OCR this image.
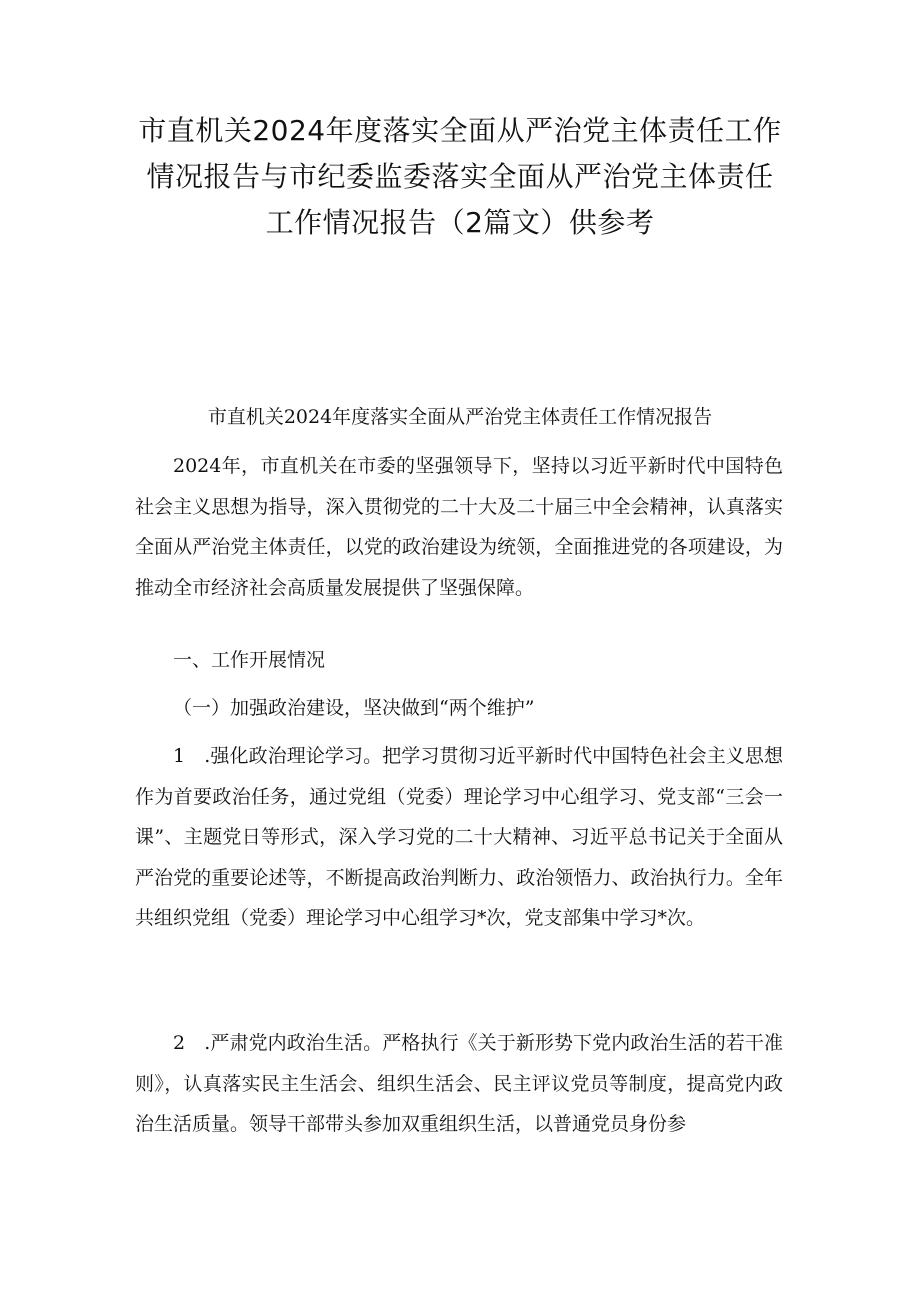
市直机关2024年度落实全面从严治党主体责任工作
情况报告与市纪委监委落实全面从严治党主体责任
工作情况报告（2篇文）供参考
市直机关2024年度落实全面从严治党主体责任工作情况报告

2024年，市直机关在市委的坚强领导下，坚持以习近平新时代中国特色社会主义思想为指导，深入贯彻党的二十大及二十届三中全会精神，认真落实全面从严治党主体责任，以党的政治建设为统领，全面推进党的各项建设，为推动全市经济社会高质量发展提供了坚强保障。

一、工作开展情况

（一）加强政治建设，坚决做到“两个维护”

1　.强化政治理论学习。把学习贯彻习近平新时代中国特色社会主义思想作为首要政治任务，通过党组（党委）理论学习中心组学习、党支部“三会一课”、主题党日等形式，深入学习党的二十大精神、习近平总书记关于全面从严治党的重要论述等，不断提高政治判断力、政治领悟力、政治执行力。全年共组织党组（党委）理论学习中心组学习*次，党支部集中学习*次。

2　.严肃党内政治生活。严格执行《关于新形势下党内政治生活的若干准则》，认真落实民主生活会、组织生活会、民主评议党员等制度，提高党内政治生活质量。领导干部带头参加双重组织生活，以普通党员身份参
